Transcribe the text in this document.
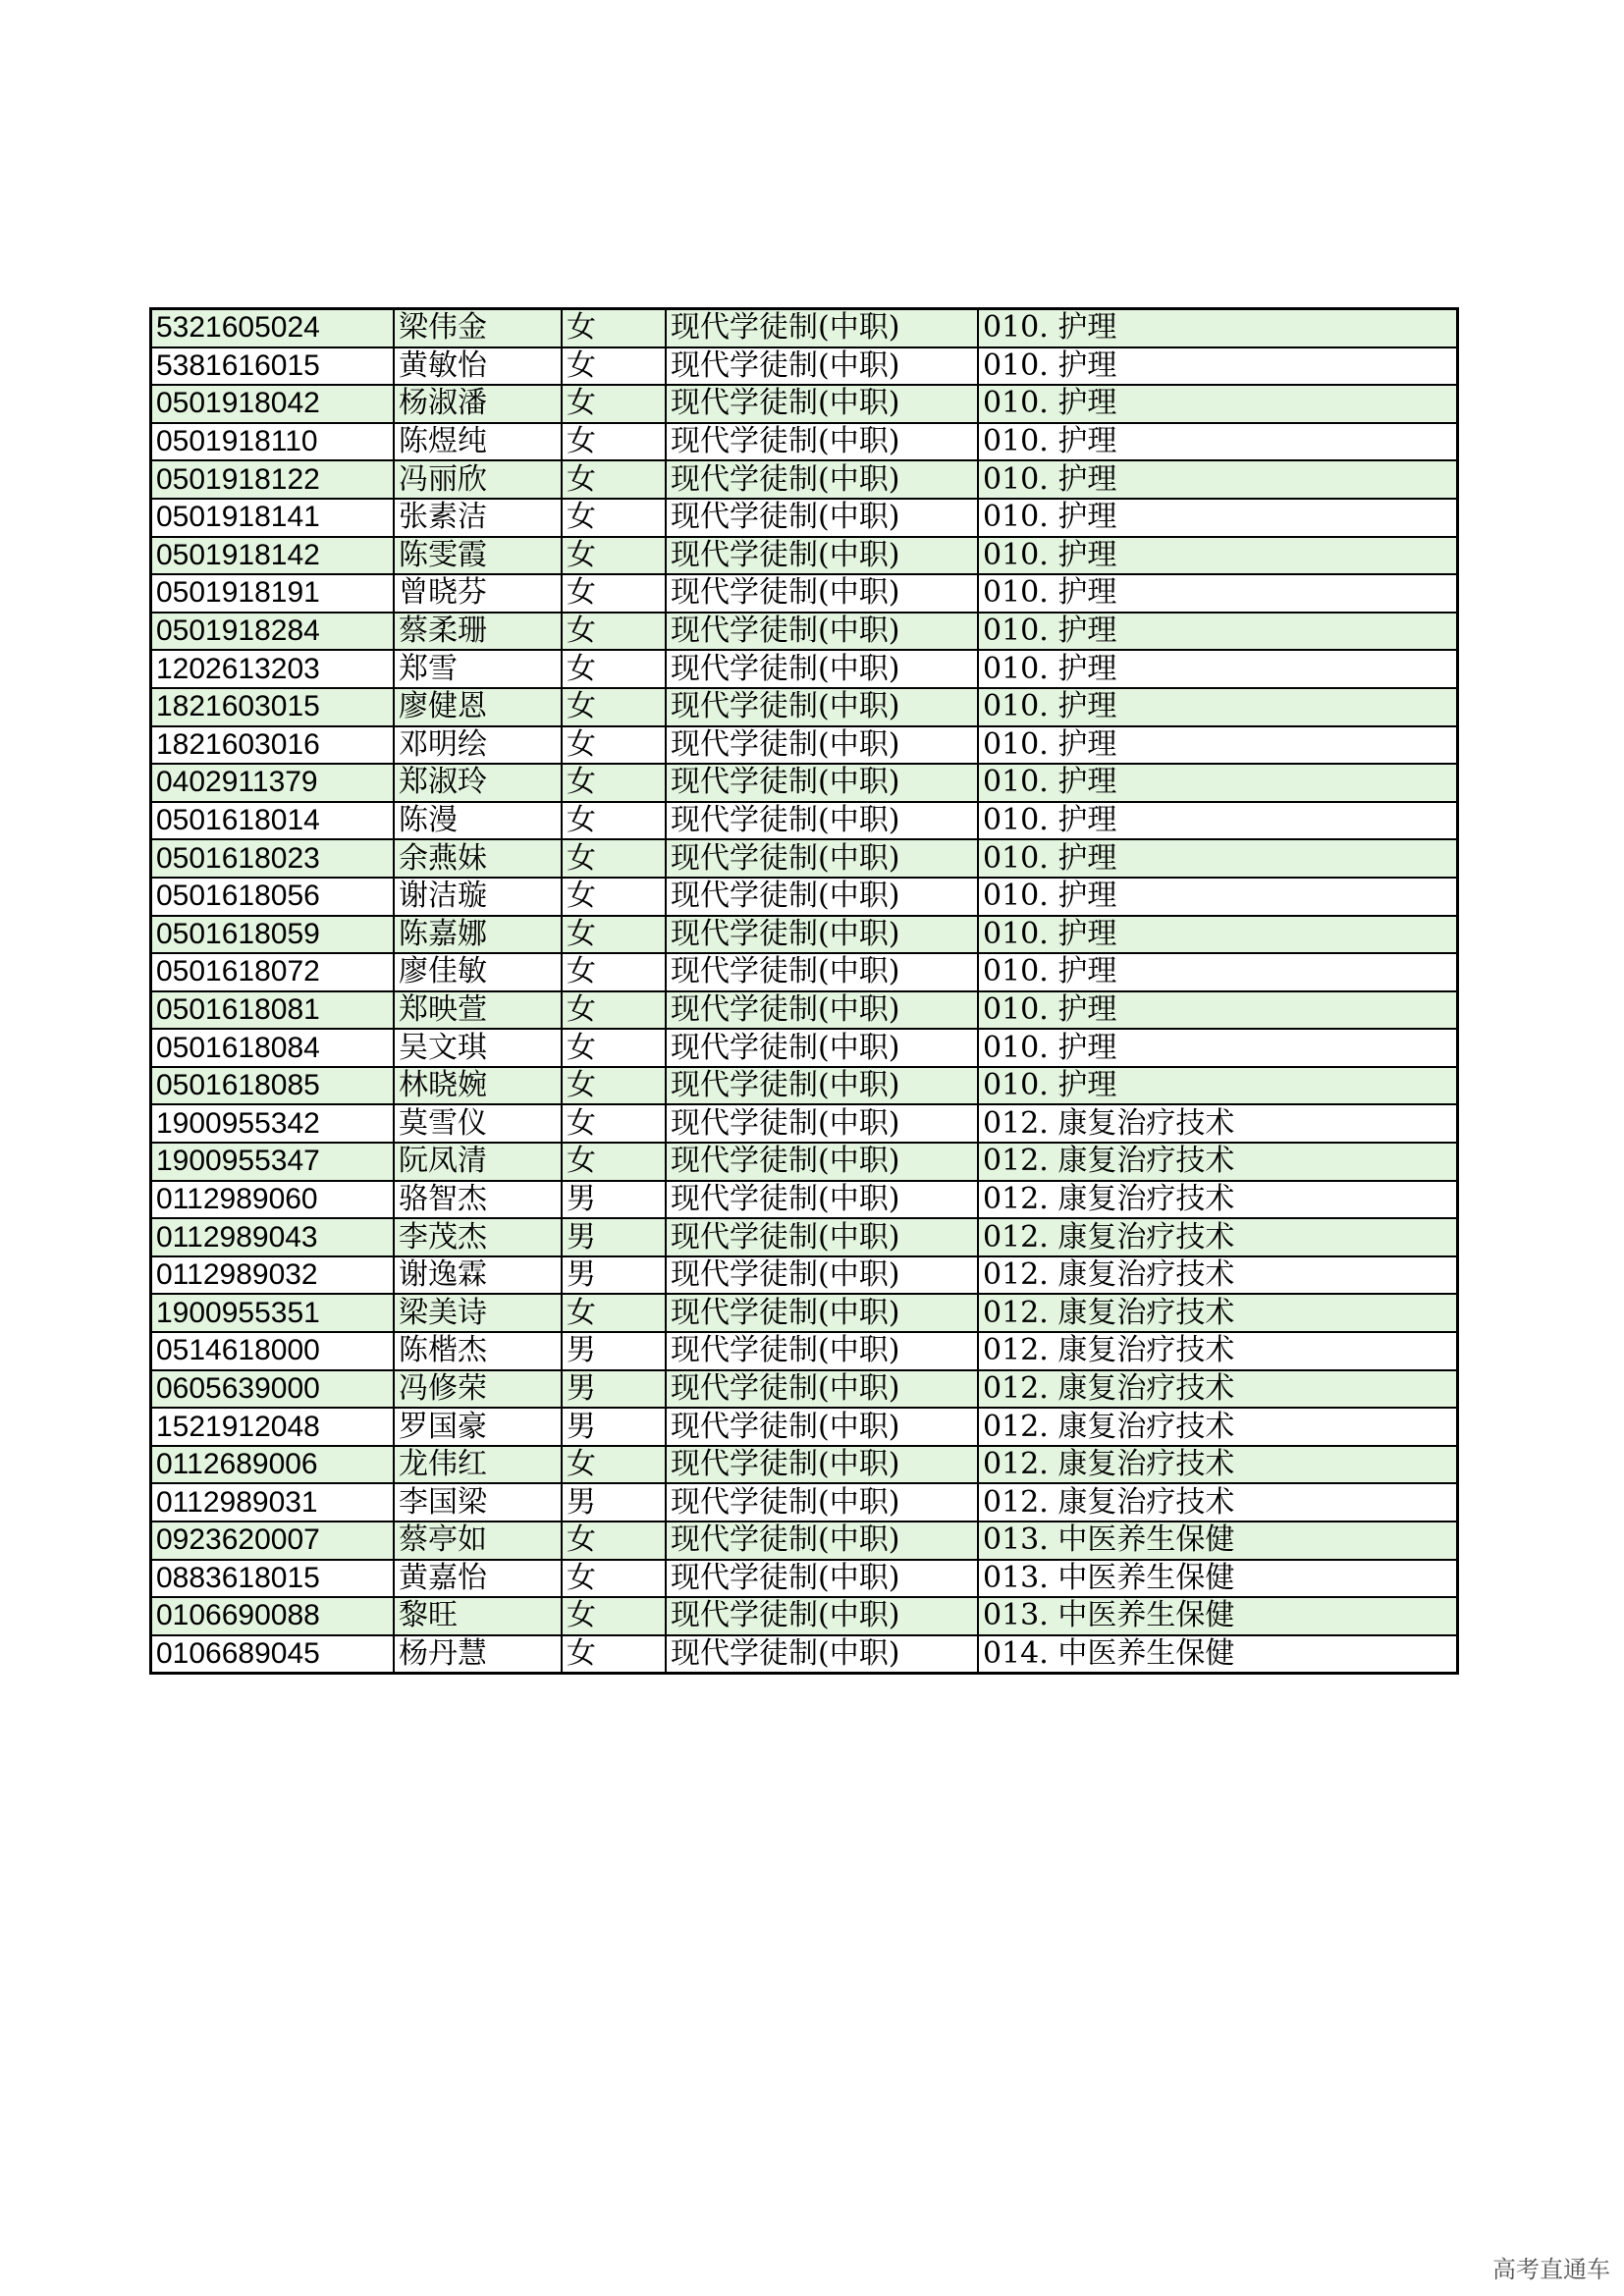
5321605024	梁伟金	女	现代学徒制(中职)	010. 护理
5381616015	黄敏怡	女	现代学徒制(中职)	010. 护理
0501918042	杨淑潘	女	现代学徒制(中职)	010. 护理
0501918110	陈煜纯	女	现代学徒制(中职)	010. 护理
0501918122	冯丽欣	女	现代学徒制(中职)	010. 护理
0501918141	张素洁	女	现代学徒制(中职)	010. 护理
0501918142	陈雯霞	女	现代学徒制(中职)	010. 护理
0501918191	曾晓芬	女	现代学徒制(中职)	010. 护理
0501918284	蔡柔珊	女	现代学徒制(中职)	010. 护理
1202613203	郑雪	女	现代学徒制(中职)	010. 护理
1821603015	廖健恩	女	现代学徒制(中职)	010. 护理
1821603016	邓明绘	女	现代学徒制(中职)	010. 护理
0402911379	郑淑玲	女	现代学徒制(中职)	010. 护理
0501618014	陈漫	女	现代学徒制(中职)	010. 护理
0501618023	余燕妹	女	现代学徒制(中职)	010. 护理
0501618056	谢洁璇	女	现代学徒制(中职)	010. 护理
0501618059	陈嘉娜	女	现代学徒制(中职)	010. 护理
0501618072	廖佳敏	女	现代学徒制(中职)	010. 护理
0501618081	郑映萱	女	现代学徒制(中职)	010. 护理
0501618084	吴文琪	女	现代学徒制(中职)	010. 护理
0501618085	林晓婉	女	现代学徒制(中职)	010. 护理
1900955342	莫雪仪	女	现代学徒制(中职)	012. 康复治疗技术
1900955347	阮凤清	女	现代学徒制(中职)	012. 康复治疗技术
0112989060	骆智杰	男	现代学徒制(中职)	012. 康复治疗技术
0112989043	李茂杰	男	现代学徒制(中职)	012. 康复治疗技术
0112989032	谢逸霖	男	现代学徒制(中职)	012. 康复治疗技术
1900955351	梁美诗	女	现代学徒制(中职)	012. 康复治疗技术
0514618000	陈楷杰	男	现代学徒制(中职)	012. 康复治疗技术
0605639000	冯修荣	男	现代学徒制(中职)	012. 康复治疗技术
1521912048	罗国豪	男	现代学徒制(中职)	012. 康复治疗技术
0112689006	龙伟红	女	现代学徒制(中职)	012. 康复治疗技术
0112989031	李国梁	男	现代学徒制(中职)	012. 康复治疗技术
0923620007	蔡亭如	女	现代学徒制(中职)	013. 中医养生保健
0883618015	黄嘉怡	女	现代学徒制(中职)	013. 中医养生保健
0106690088	黎旺	女	现代学徒制(中职)	013. 中医养生保健
0106689045	杨丹慧	女	现代学徒制(中职)	014. 中医养生保健
高考直通车
